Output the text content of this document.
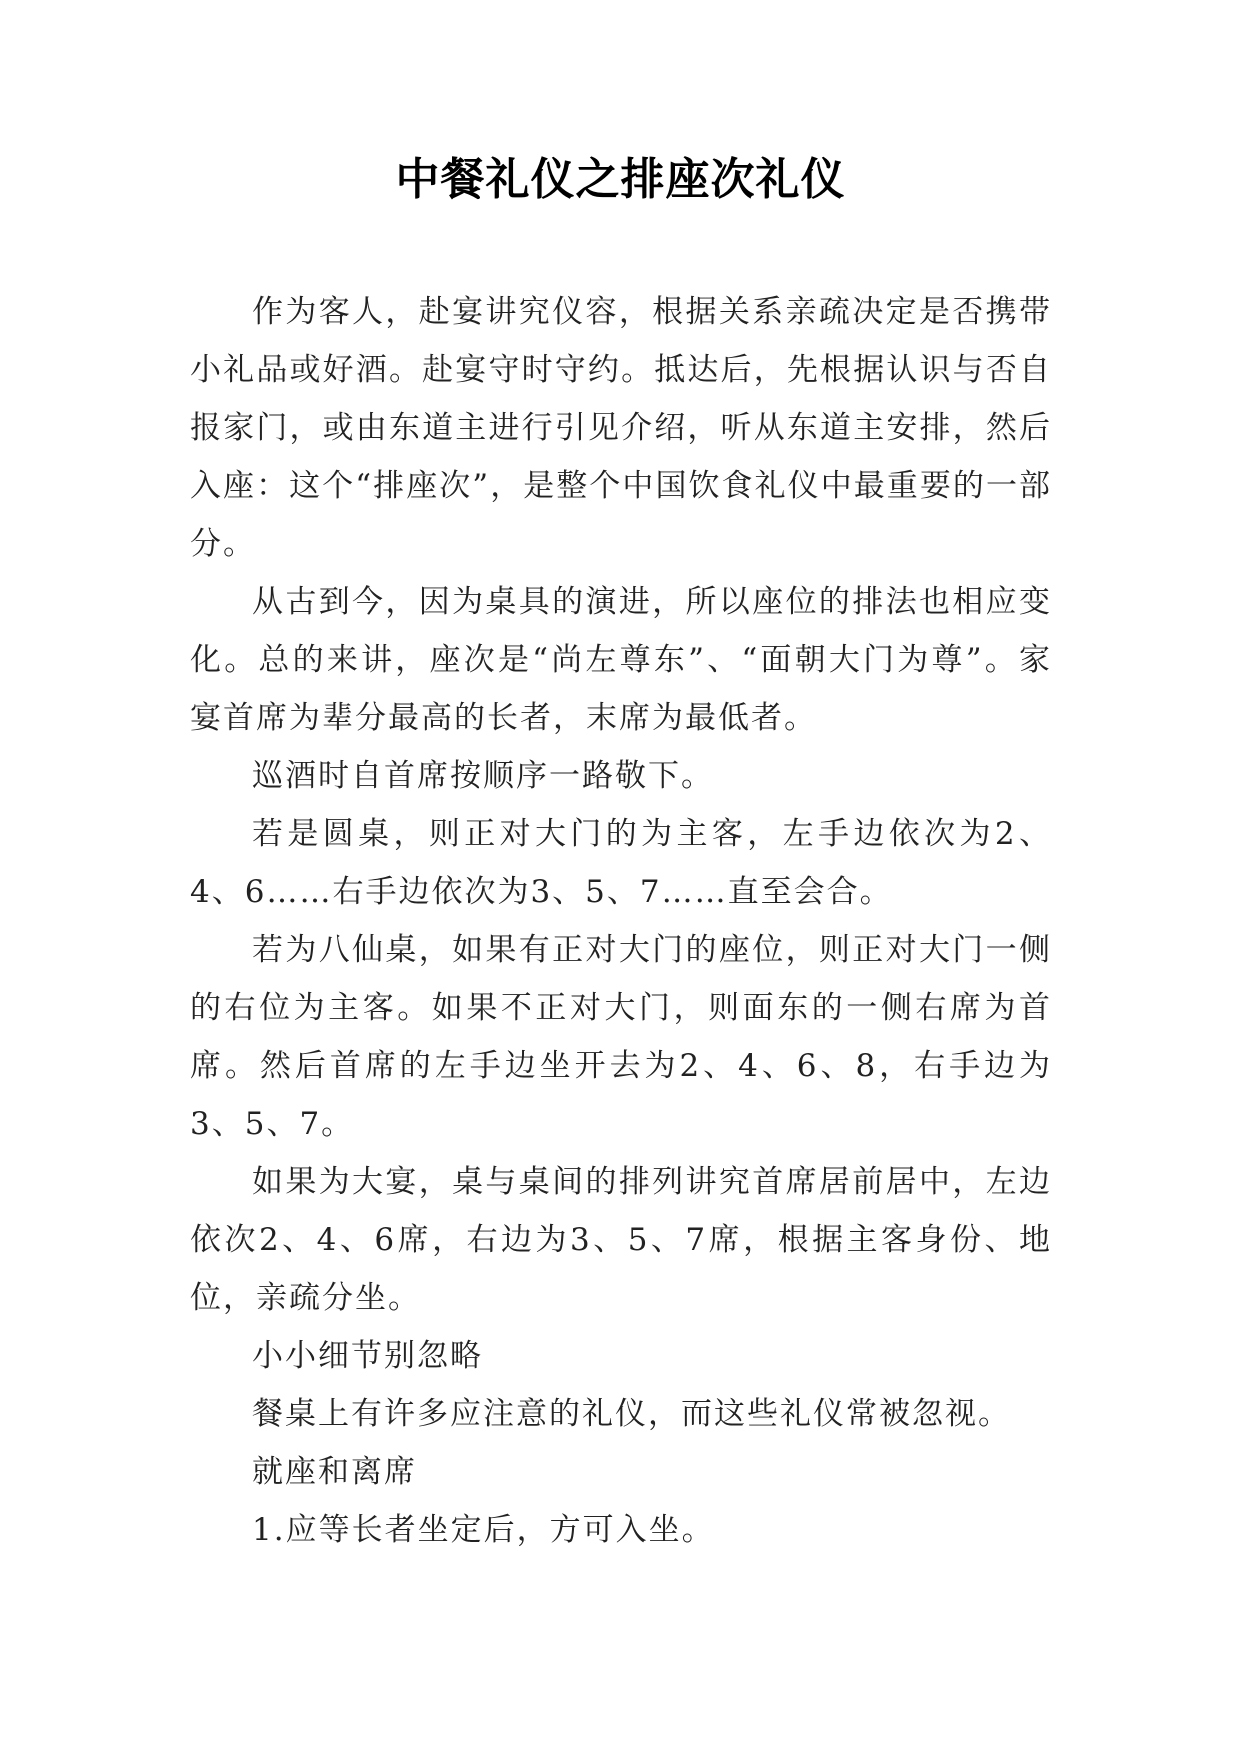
中餐礼仪之排座次礼仪

作为客人，赴宴讲究仪容，根据关系亲疏决定是否携带小礼品或好酒。赴宴守时守约。抵达后，先根据认识与否自报家门，或由东道主进行引见介绍，听从东道主安排，然后入座：这个“排座次”，是整个中国饮食礼仪中最重要的一部分。

从古到今，因为桌具的演进，所以座位的排法也相应变化。总的来讲，座次是“尚左尊东”、“面朝大门为尊”。家宴首席为辈分最高的长者，末席为最低者。

巡酒时自首席按顺序一路敬下。

若是圆桌，则正对大门的为主客，左手边依次为2、4、6……右手边依次为3、5、7……直至会合。

若为八仙桌，如果有正对大门的座位，则正对大门一侧的右位为主客。如果不正对大门，则面东的一侧右席为首席。然后首席的左手边坐开去为2、4、6、8，右手边为3、5、7。

如果为大宴，桌与桌间的排列讲究首席居前居中，左边依次2、4、6席，右边为3、5、7席，根据主客身份、地位，亲疏分坐。

小小细节别忽略

餐桌上有许多应注意的礼仪，而这些礼仪常被忽视。

就座和离席

1.应等长者坐定后，方可入坐。
